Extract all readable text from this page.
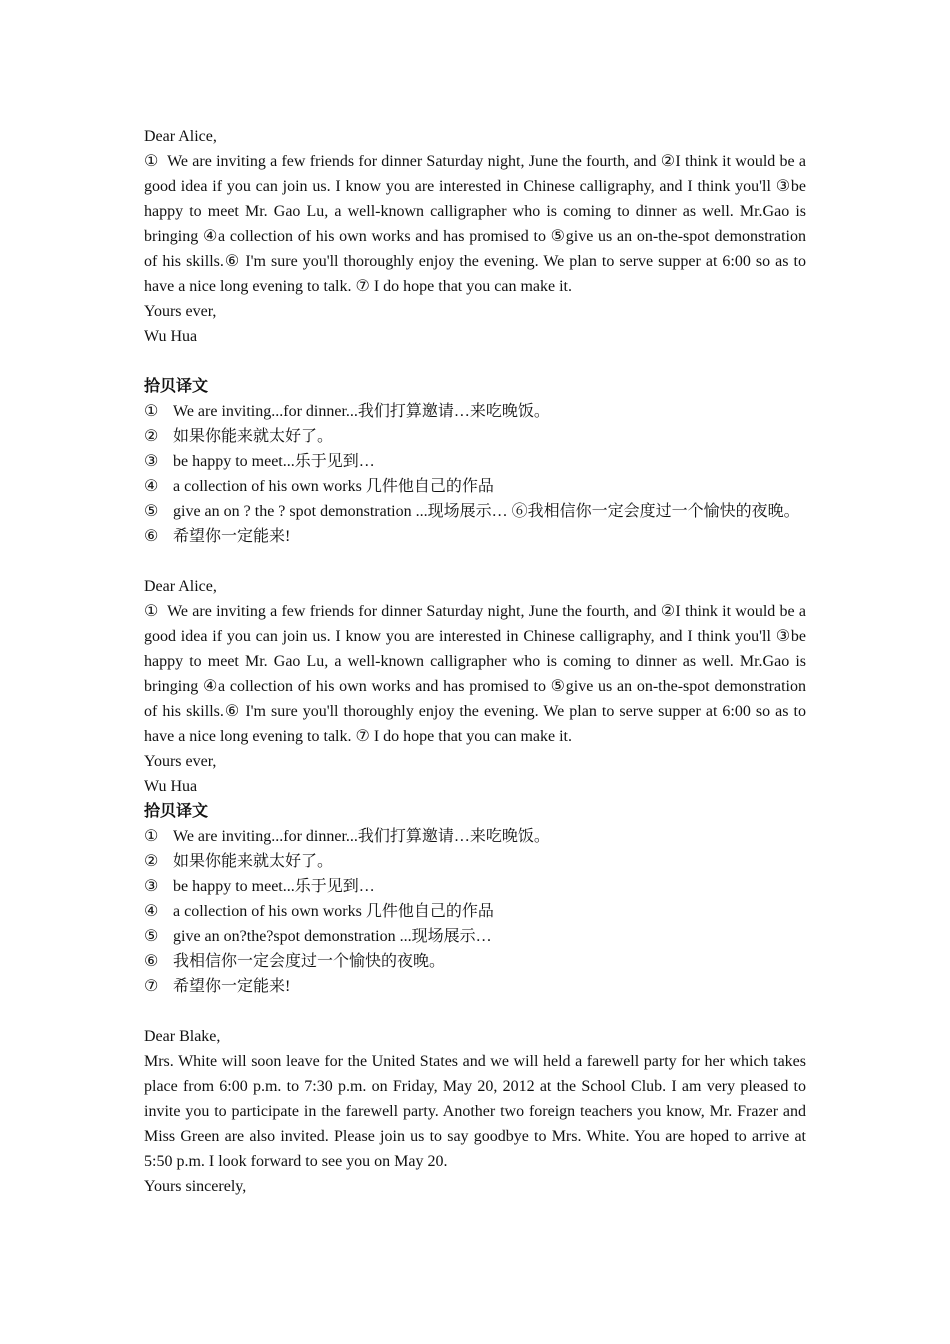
Dear Alice,
①  We are inviting a few friends for dinner Saturday night, June the fourth, and ②I think it would be a good idea if you can join us. I know you are interested in Chinese calligraphy, and I think you'll ③be happy to meet Mr. Gao Lu, a well-known calligrapher who is coming to dinner as well. Mr.Gao is bringing ④a collection of his own works and has promised to ⑤give us an on-the-spot demonstration of his skills.⑥ I'm sure you'll thoroughly enjoy the evening. We plan to serve supper at 6:00 so as to have a nice long evening to talk. ⑦ I do hope that you can make it.
Yours ever,
Wu Hua
拾贝译文
① We are inviting...for dinner...我们打算邀请…来吃晚饭。
② 如果你能来就太好了。
③ be happy to meet...乐于见到…
④ a collection of his own works 几件他自己的作品
⑤ give an on ? the ? spot demonstration ...现场展示… ⑥我相信你一定会度过一个愉快的夜晚。
⑥ 希望你一定能来!
Dear Alice,
①  We are inviting a few friends for dinner Saturday night, June the fourth, and ②I think it would be a good idea if you can join us. I know you are interested in Chinese calligraphy, and I think you'll ③be happy to meet Mr. Gao Lu, a well-known calligrapher who is coming to dinner as well. Mr.Gao is bringing ④a collection of his own works and has promised to ⑤give us an on-the-spot demonstration of his skills.⑥ I'm sure you'll thoroughly enjoy the evening. We plan to serve supper at 6:00 so as to have a nice long evening to talk. ⑦ I do hope that you can make it.
Yours ever,
Wu Hua
拾贝译文
① We are inviting...for dinner...我们打算邀请…来吃晚饭。
② 如果你能来就太好了。
③ be happy to meet...乐于见到…
④ a collection of his own works 几件他自己的作品
⑤ give an on?the?spot demonstration ...现场展示…
⑥ 我相信你一定会度过一个愉快的夜晚。
⑦ 希望你一定能来!
Dear Blake,
Mrs. White will soon leave for the United States and we will held a farewell party for her which takes place from 6:00 p.m. to 7:30 p.m. on Friday, May 20, 2012 at the School Club. I am very pleased to invite you to participate in the farewell party. Another two foreign teachers you know, Mr. Frazer and Miss Green are also invited. Please join us to say goodbye to Mrs. White. You are hoped to arrive at 5:50 p.m. I look forward to see you on May 20.
Yours sincerely,
